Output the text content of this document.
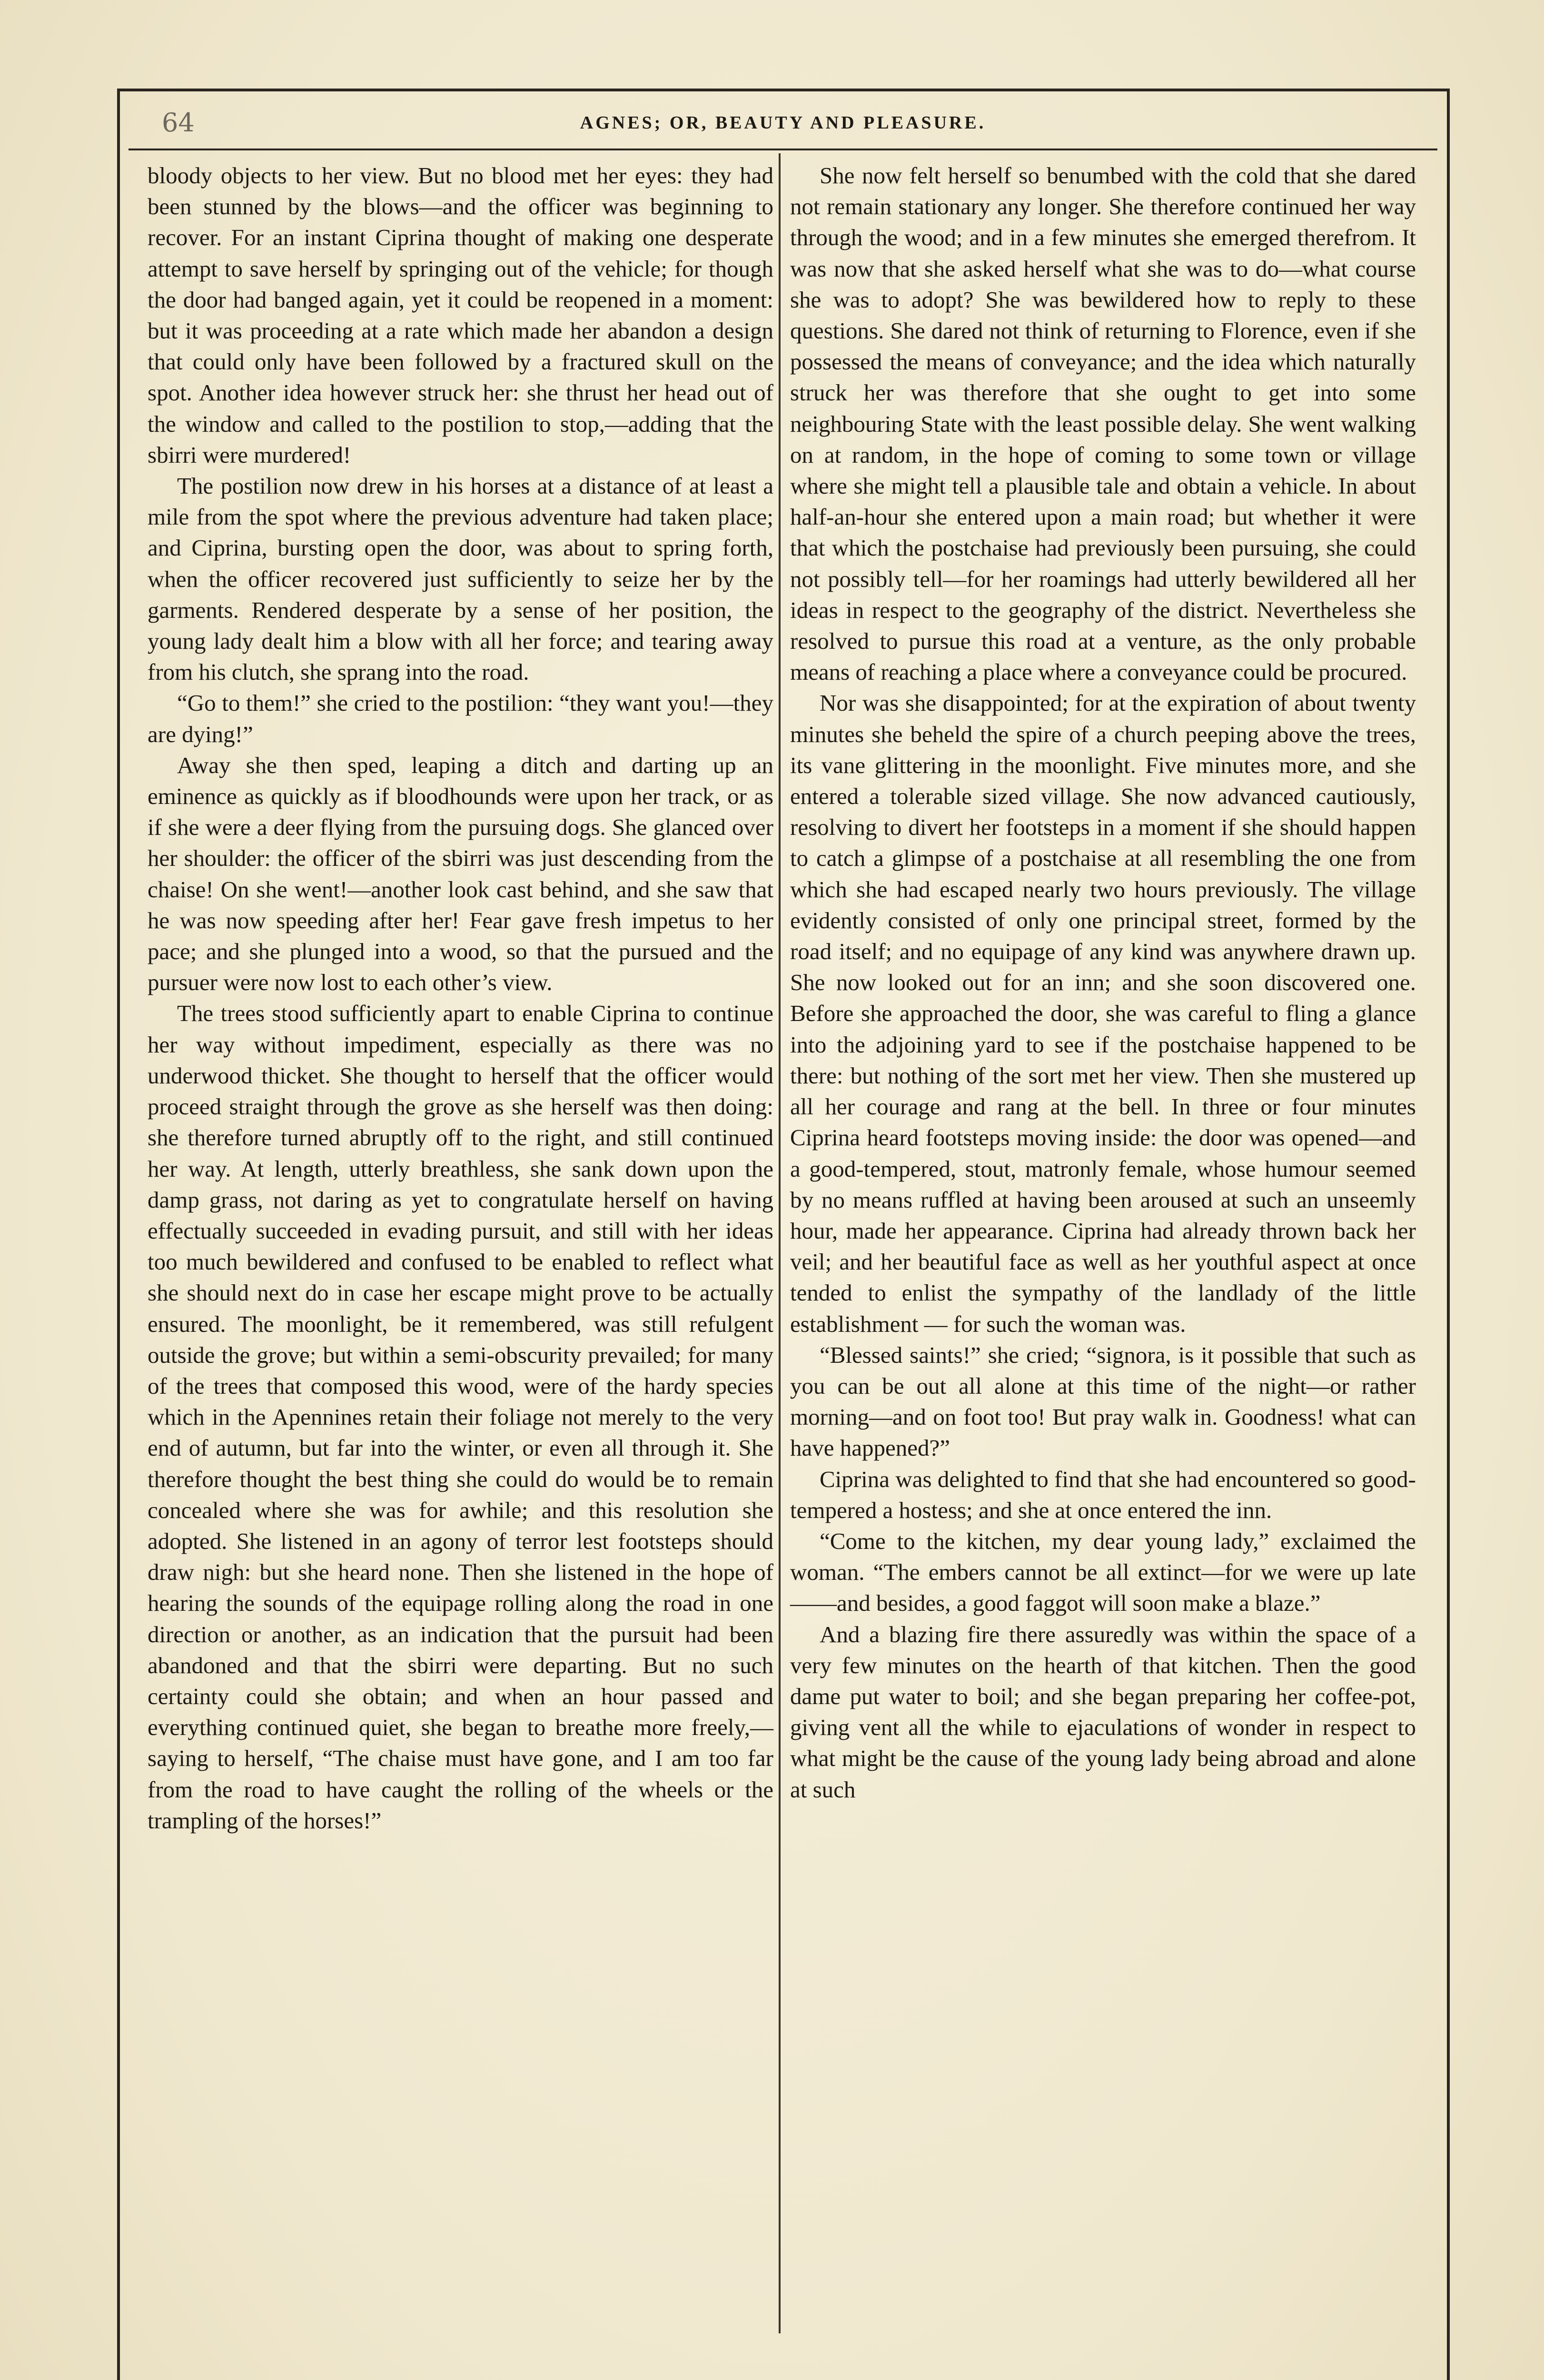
64	AGNES; OR, BEAUTY AND PLEASURE.

bloody objects to her view. But no blood met her eyes: they had been stunned by the blows—and the officer was beginning to recover. For an instant Ciprina thought of making one desperate attempt to save herself by springing out of the vehicle; for though the door had banged again, yet it could be reopened in a moment: but it was proceeding at a rate which made her abandon a design that could only have been followed by a fractured skull on the spot. Another idea however struck her: she thrust her head out of the window and called to the postilion to stop,—adding that the sbirri were murdered!

The postilion now drew in his horses at a distance of at least a mile from the spot where the previous adventure had taken place; and Ciprina, bursting open the door, was about to spring forth, when the officer recovered just sufficiently to seize her by the garments. Rendered desperate by a sense of her position, the young lady dealt him a blow with all her force; and tearing away from his clutch, she sprang into the road.

“Go to them!” she cried to the postilion: “they want you!—they are dying!”

Away she then sped, leaping a ditch and darting up an eminence as quickly as if bloodhounds were upon her track, or as if she were a deer flying from the pursuing dogs. She glanced over her shoulder: the officer of the sbirri was just descending from the chaise! On she went!—another look cast behind, and she saw that he was now speeding after her! Fear gave fresh impetus to her pace; and she plunged into a wood, so that the pursued and the pursuer were now lost to each other’s view.

The trees stood sufficiently apart to enable Ciprina to continue her way without impediment, especially as there was no underwood thicket. She thought to herself that the officer would proceed straight through the grove as she herself was then doing: she therefore turned abruptly off to the right, and still continued her way. At length, utterly breathless, she sank down upon the damp grass, not daring as yet to congratulate herself on having effectually succeeded in evading pursuit, and still with her ideas too much bewildered and confused to be enabled to reflect what she should next do in case her escape might prove to be actually ensured. The moonlight, be it remembered, was still refulgent outside the grove; but within a semi-obscurity prevailed; for many of the trees that composed this wood, were of the hardy species which in the Apennines retain their foliage not merely to the very end of autumn, but far into the winter, or even all through it. She therefore thought the best thing she could do would be to remain concealed where she was for awhile; and this resolution she adopted. She listened in an agony of terror lest footsteps should draw nigh: but she heard none. Then she listened in the hope of hearing the sounds of the equipage rolling along the road in one direction or another, as an indication that the pursuit had been abandoned and that the sbirri were departing. But no such certainty could she obtain; and when an hour passed and everything continued quiet, she began to breathe more freely,—saying to herself, “The chaise must have gone, and I am too far from the road to have caught the rolling of the wheels or the trampling of the horses!”

She now felt herself so benumbed with the cold that she dared not remain stationary any longer. She therefore continued her way through the wood; and in a few minutes she emerged therefrom. It was now that she asked herself what she was to do—what course she was to adopt? She was bewildered how to reply to these questions. She dared not think of returning to Florence, even if she possessed the means of conveyance; and the idea which naturally struck her was therefore that she ought to get into some neighbouring State with the least possible delay. She went walking on at random, in the hope of coming to some town or village where she might tell a plausible tale and obtain a vehicle. In about half-an-hour she entered upon a main road; but whether it were that which the postchaise had previously been pursuing, she could not possibly tell—for her roamings had utterly bewildered all her ideas in respect to the geography of the district. Nevertheless she resolved to pursue this road at a venture, as the only probable means of reaching a place where a conveyance could be procured.

Nor was she disappointed; for at the expiration of about twenty minutes she beheld the spire of a church peeping above the trees, its vane glittering in the moonlight. Five minutes more, and she entered a tolerable sized village. She now advanced cautiously, resolving to divert her footsteps in a moment if she should happen to catch a glimpse of a postchaise at all resembling the one from which she had escaped nearly two hours previously. The village evidently consisted of only one principal street, formed by the road itself; and no equipage of any kind was anywhere drawn up. She now looked out for an inn; and she soon discovered one. Before she approached the door, she was careful to fling a glance into the adjoining yard to see if the postchaise happened to be there: but nothing of the sort met her view. Then she mustered up all her courage and rang at the bell. In three or four minutes Ciprina heard footsteps moving inside: the door was opened—and a good-tempered, stout, matronly female, whose humour seemed by no means ruffled at having been aroused at such an unseemly hour, made her appearance. Ciprina had already thrown back her veil; and her beautiful face as well as her youthful aspect at once tended to enlist the sympathy of the landlady of the little establishment — for such the woman was.

“Blessed saints!” she cried; “signora, is it possible that such as you can be out all alone at this time of the night—or rather morning—and on foot too! But pray walk in. Goodness! what can have happened?”

Ciprina was delighted to find that she had encountered so good-tempered a hostess; and she at once entered the inn.

“Come to the kitchen, my dear young lady,” exclaimed the woman. “The embers cannot be all extinct—for we were up late——and besides, a good faggot will soon make a blaze.”

And a blazing fire there assuredly was within the space of a very few minutes on the hearth of that kitchen. Then the good dame put water to boil; and she began preparing her coffee-pot, giving vent all the while to ejaculations of wonder in respect to what might be the cause of the young lady being abroad and alone at such
